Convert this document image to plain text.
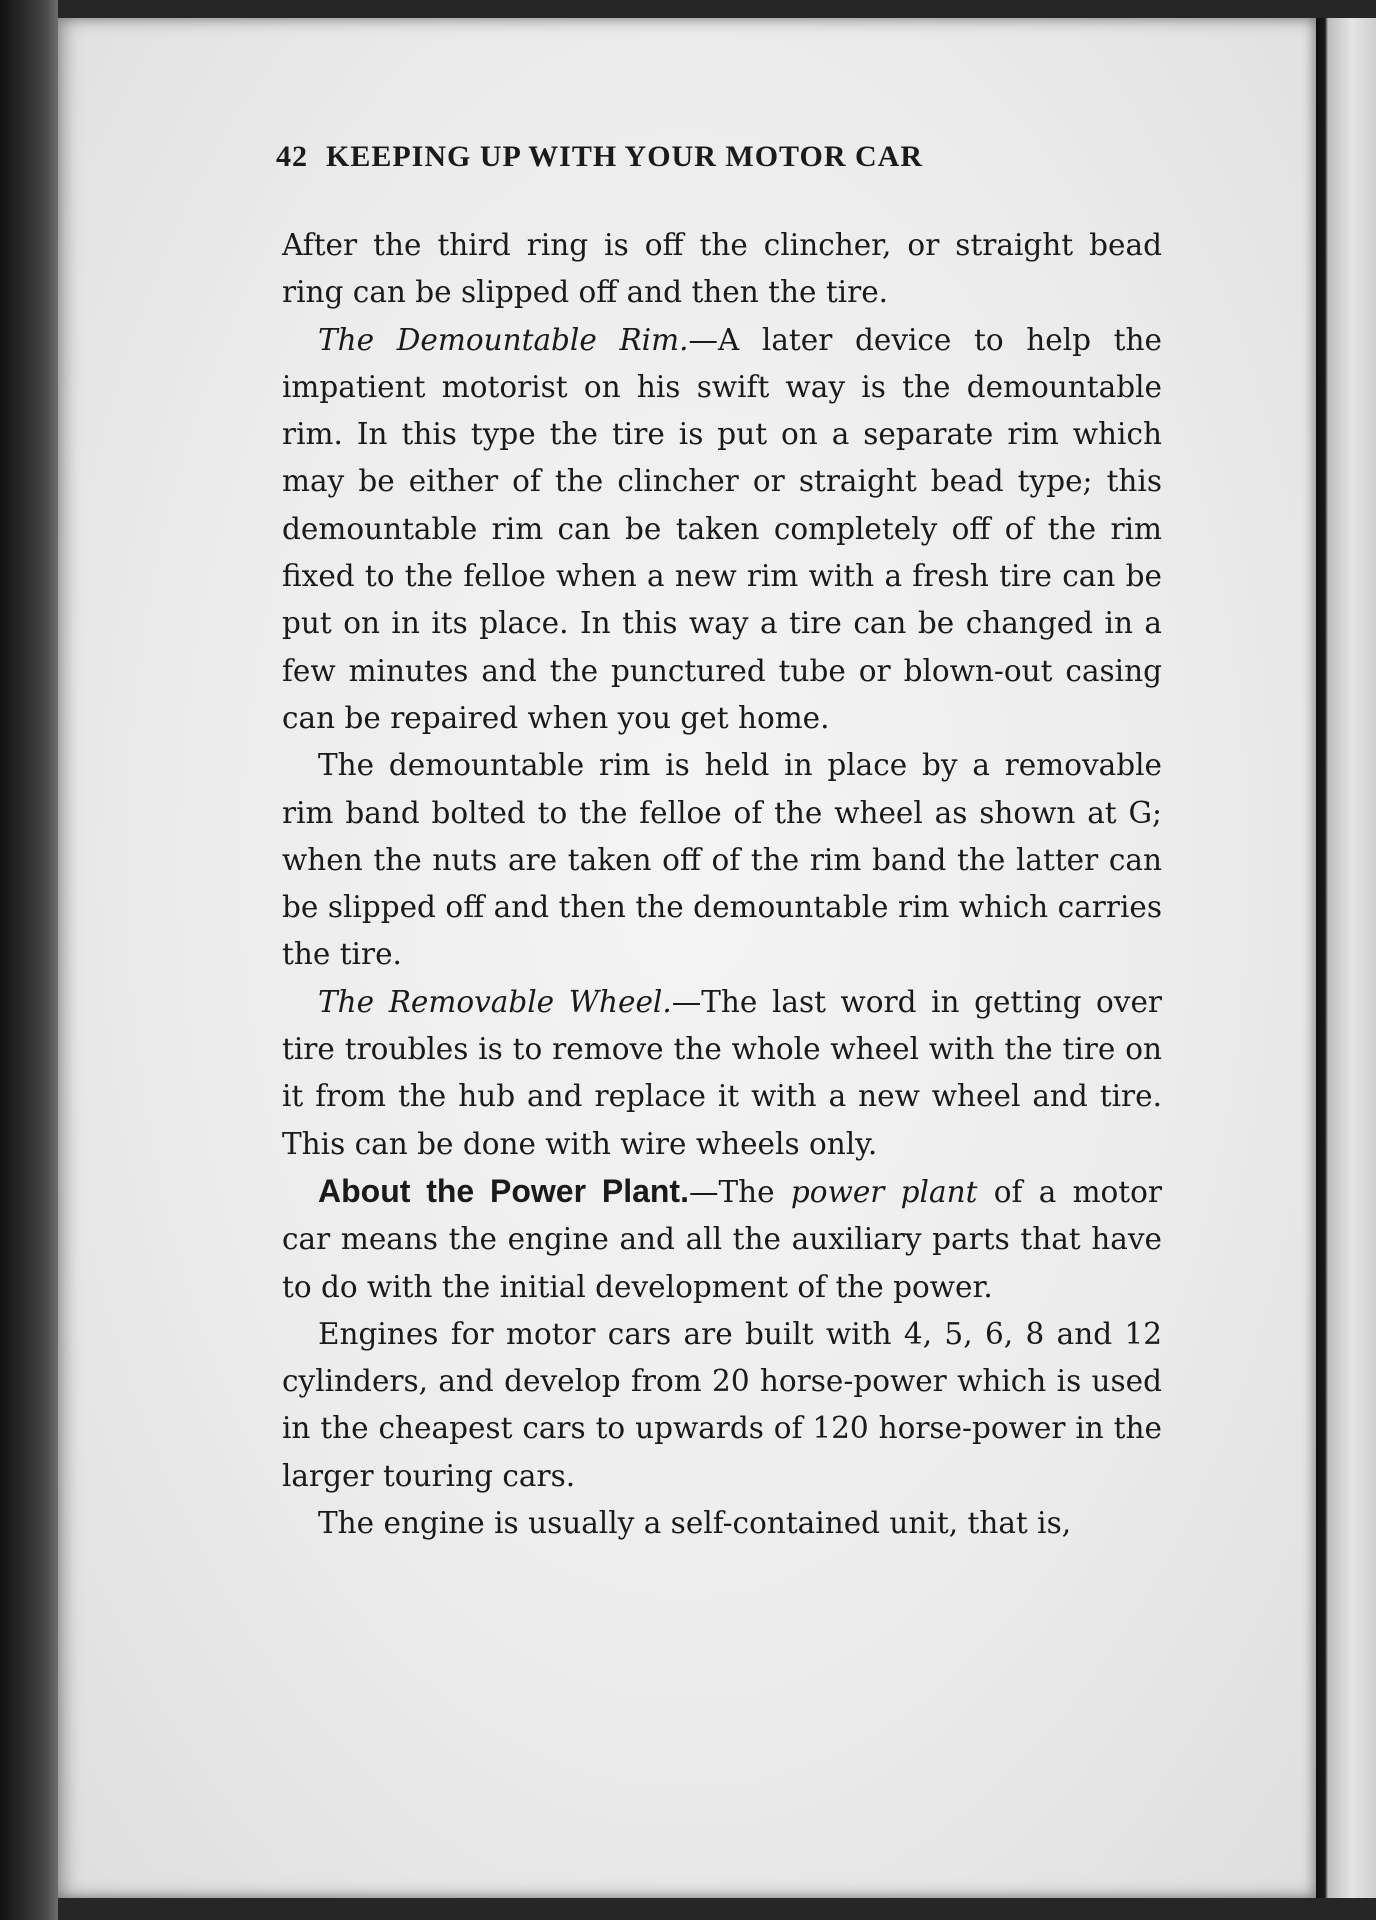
42 KEEPING UP WITH YOUR MOTOR CAR

After the third ring is off the clincher, or straight bead ring can be slipped off and then the tire.

The Demountable Rim.—A later device to help the impatient motorist on his swift way is the demountable rim. In this type the tire is put on a separate rim which may be either of the clincher or straight bead type; this demountable rim can be taken completely off of the rim fixed to the felloe when a new rim with a fresh tire can be put on in its place. In this way a tire can be changed in a few minutes and the punctured tube or blown-out casing can be repaired when you get home.

The demountable rim is held in place by a removable rim band bolted to the felloe of the wheel as shown at G; when the nuts are taken off of the rim band the latter can be slipped off and then the demountable rim which carries the tire.

The Removable Wheel.—The last word in getting over tire troubles is to remove the whole wheel with the tire on it from the hub and replace it with a new wheel and tire. This can be done with wire wheels only.

About the Power Plant.—The power plant of a motor car means the engine and all the auxiliary parts that have to do with the initial development of the power.

Engines for motor cars are built with 4, 5, 6, 8 and 12 cylinders, and develop from 20 horse-power which is used in the cheapest cars to upwards of 120 horse-power in the larger touring cars.

The engine is usually a self-contained unit, that is,
